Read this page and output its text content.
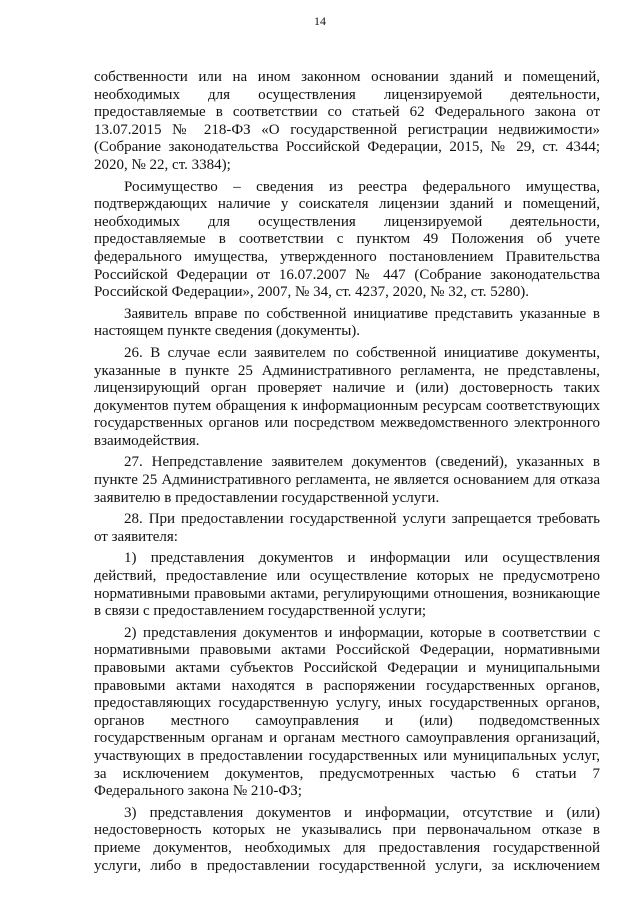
14
собственности или на ином законном основании зданий и помещений,
необходимых для осуществления лицензируемой деятельности,
предоставляемые в соответствии со статьей 62 Федерального закона от
13.07.2015 № 218-ФЗ «О государственной регистрации недвижимости»
(Собрание законодательства Российской Федерации, 2015, № 29, ст. 4344;
2020, № 22, ст. 3384);
Росимущество – сведения из реестра федерального имущества,
подтверждающих наличие у соискателя лицензии зданий и помещений,
необходимых для осуществления лицензируемой деятельности,
предоставляемые в соответствии с пунктом 49 Положения об учете
федерального имущества, утвержденного постановлением Правительства
Российской Федерации от 16.07.2007 № 447 (Собрание законодательства
Российской Федерации», 2007, № 34, ст. 4237, 2020, № 32, ст. 5280).
Заявитель вправе по собственной инициативе представить указанные в
настоящем пункте сведения (документы).
26. В случае если заявителем по собственной инициативе документы,
указанные в пункте 25 Административного регламента, не представлены,
лицензирующий орган проверяет наличие и (или) достоверность таких
документов путем обращения к информационным ресурсам соответствующих
государственных органов или посредством межведомственного электронного
взаимодействия.
27. Непредставление заявителем документов (сведений), указанных в
пункте 25 Административного регламента, не является основанием для отказа
заявителю в предоставлении государственной услуги.
28. При предоставлении государственной услуги запрещается требовать
от заявителя:
1) представления документов и информации или осуществления
действий, предоставление или осуществление которых не предусмотрено
нормативными правовыми актами, регулирующими отношения, возникающие
в связи с предоставлением государственной услуги;
2) представления документов и информации, которые в соответствии с
нормативными правовыми актами Российской Федерации, нормативными
правовыми актами субъектов Российской Федерации и муниципальными
правовыми актами находятся в распоряжении государственных органов,
предоставляющих государственную услугу, иных государственных органов,
органов местного самоуправления и (или) подведомственных
государственным органам и органам местного самоуправления организаций,
участвующих в предоставлении государственных или муниципальных услуг,
за исключением документов, предусмотренных частью 6 статьи 7
Федерального закона № 210-ФЗ;
3) представления документов и информации, отсутствие и (или)
недостоверность которых не указывались при первоначальном отказе в
приеме документов, необходимых для предоставления государственной
услуги, либо в предоставлении государственной услуги, за исключением
